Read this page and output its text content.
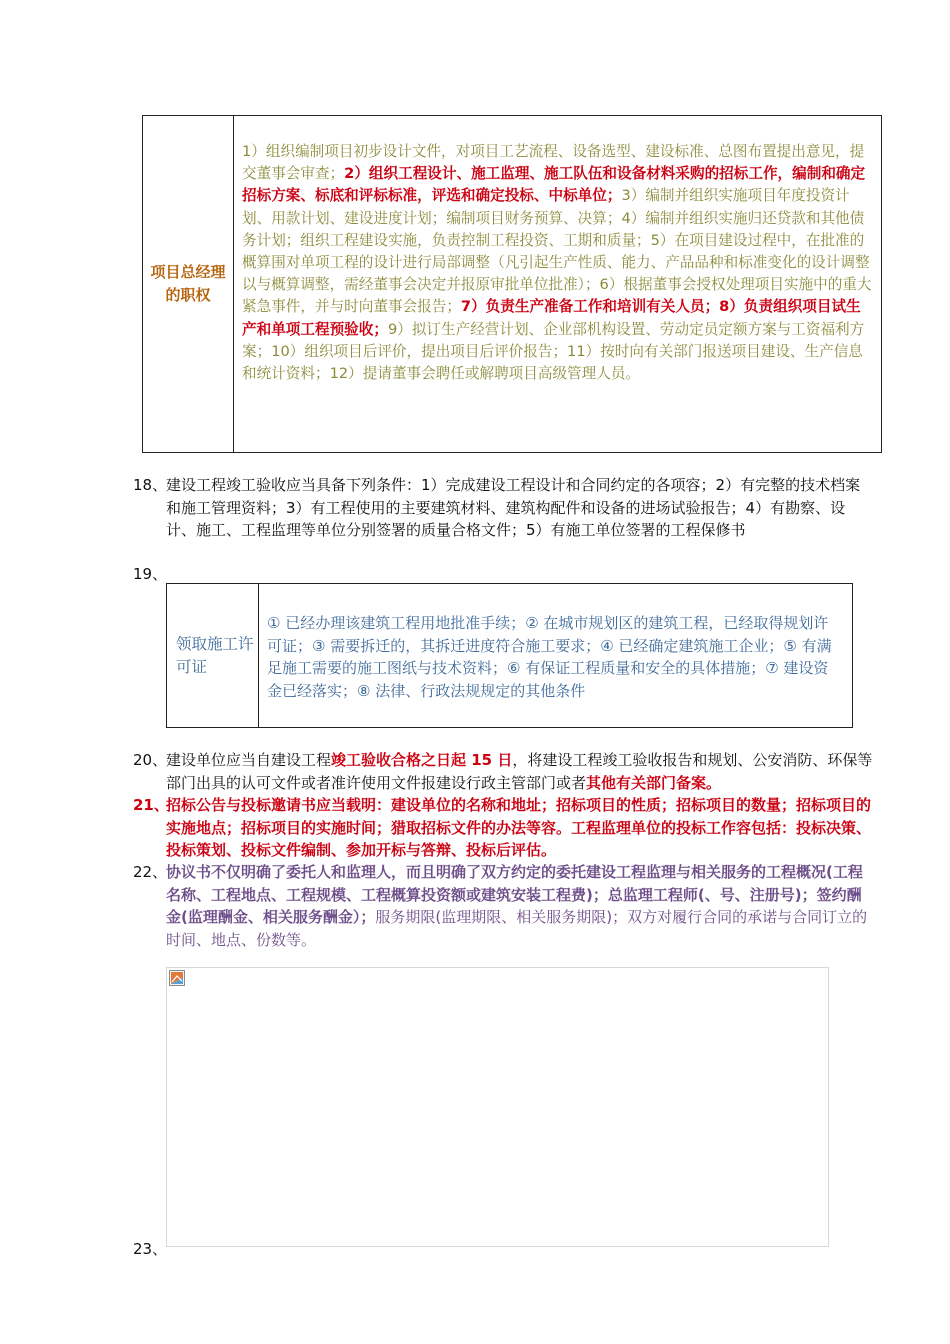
项目总经理的职权
1）组织编制项目初步设计文件，对项目工艺流程、设备选型、建设标准、总图布置提出意见，提交董事会审查；2）组织工程设计、施工监理、施工队伍和设备材料采购的招标工作，编制和确定招标方案、标底和评标标准，评选和确定投标、中标单位；3）编制并组织实施项目年度投资计划、用款计划、建设进度计划；编制项目财务预算、决算；4）编制并组织实施归还贷款和其他债务计划；组织工程建设实施，负责控制工程投资、工期和质量；5）在项目建设过程中，在批准的概算围对单项工程的设计进行局部调整（凡引起生产性质、能力、产品品种和标准变化的设计调整以与概算调整，需经董事会决定并报原审批单位批准）；6）根据董事会授权处理项目实施中的重大紧急事件，并与时向董事会报告；7）负责生产准备工作和培训有关人员；8）负责组织项目试生产和单项工程预验收；9）拟订生产经营计划、企业部机构设置、劳动定员定额方案与工资福利方案；10）组织项目后评价，提出项目后评价报告；11）按时向有关部门报送项目建设、生产信息和统计资料；12）提请董事会聘任或解聘项目高级管理人员。
18、
建设工程竣工验收应当具备下列条件：1）完成建设工程设计和合同约定的各项容；2）有完整的技术档案和施工管理资料；3）有工程使用的主要建筑材料、建筑构配件和设备的进场试验报告；4）有勘察、设计、施工、工程监理等单位分别签署的质量合格文件；5）有施工单位签署的工程保修书
19、
领取施工许可证
① 已经办理该建筑工程用地批准手续；② 在城市规划区的建筑工程，已经取得规划许可证；③ 需要拆迁的，其拆迁进度符合施工要求；④ 已经确定建筑施工企业；⑤ 有满足施工需要的施工图纸与技术资料；⑥ 有保证工程质量和安全的具体措施；⑦ 建设资金已经落实；⑧ 法律、行政法规规定的其他条件
20、
建设单位应当自建设工程竣工验收合格之日起 15 日，将建设工程竣工验收报告和规划、公安消防、环保等部门出具的认可文件或者准许使用文件报建设行政主管部门或者其他有关部门备案。
21、
招标公告与投标邀请书应当载明：建设单位的名称和地址；招标项目的性质；招标项目的数量；招标项目的实施地点；招标项目的实施时间；猎取招标文件的办法等容。工程监理单位的投标工作容包括：投标决策、投标策划、投标文件编制、参加开标与答辩、投标后评估。
22、
协议书不仅明确了委托人和监理人，而且明确了双方约定的委托建设工程监理与相关服务的工程概况(工程名称、工程地点、工程规模、工程概算投资额或建筑安装工程费)；总监理工程师(、号、注册号)；签约酬金(监理酬金、相关服务酬金）；服务期限(监理期限、相关服务期限)；双方对履行合同的承诺与合同订立的时间、地点、份数等。
23、
